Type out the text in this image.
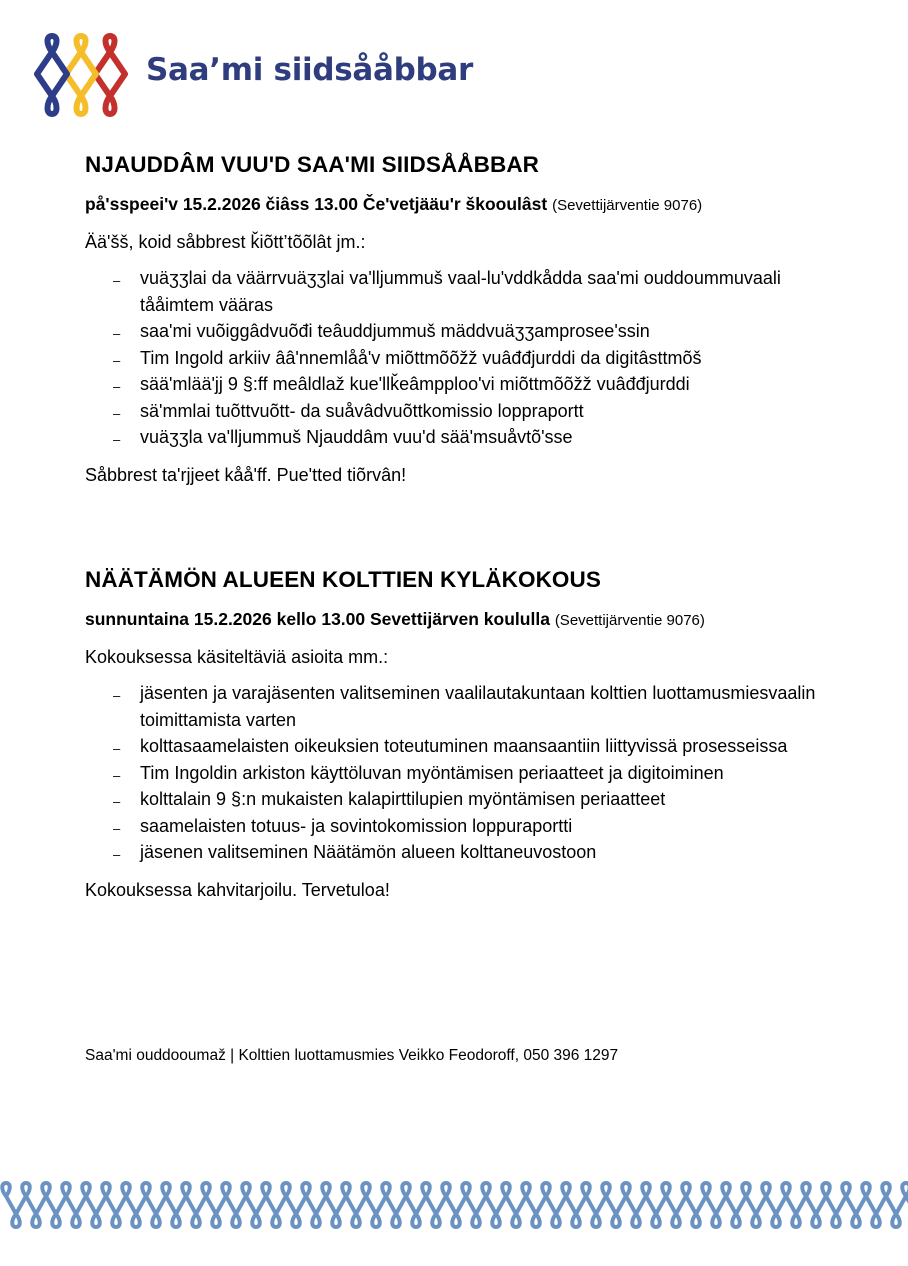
Saa’mi siidsååbbar
NJAUDDÂM VUU'D SAA'MI SIIDSÅÅBBAR

på'sspeei'v 15.2.2026 čiâss 13.00 Če'vetjääu'r škooulâst (Sevettijärventie 9076)

Ää'šš, koid såbbrest ǩiõtt’tõõlât jm.:

– vuäʒʒlai da väärrvuäʒʒlai va'lljummuš vaal-lu'vddkådda saa'mi ouddoummuvaali tååimtem vääras
– saa'mi vuõiggâdvuõđi teâuddjummuš mäddvuäʒʒamprosee'ssin
– Tim Ingold arkiiv ââ'nnemlåå'v miõttmõõžž vuâđđjurddi da digitâsttmõš
– sää'mlää'jj 9 §:ff meâldlaž kue'llǩeâmpploo'vi miõttmõõžž vuâđđjurddi
– sä'mmlai tuõttvuõtt- da suåvâdvuõttkomissio loppraportt
– vuäʒʒla va'lljummuš Njauddâm vuu'd sää'msuåvtõ'sse

Såbbrest ta'rjjeet kåå'ff. Pue'tted tiõrvân!

NÄÄTÄMÖN ALUEEN KOLTTIEN KYLÄKOKOUS

sunnuntaina 15.2.2026 kello 13.00 Sevettijärven koululla (Sevettijärventie 9076)

Kokouksessa käsiteltäviä asioita mm.:

– jäsenten ja varajäsenten valitseminen vaalilautakuntaan kolttien luottamusmiesvaalin toimittamista varten
– kolttasaamelaisten oikeuksien toteutuminen maansaantiin liittyvissä prosesseissa
– Tim Ingoldin arkiston käyttöluvan myöntämisen periaatteet ja digitoiminen
– kolttalain 9 §:n mukaisten kalapirttilupien myöntämisen periaatteet
– saamelaisten totuus- ja sovintokomission loppuraportti
– jäsenen valitseminen Näätämön alueen kolttaneuvostoon

Kokouksessa kahvitarjoilu. Tervetuloa!

Saa'mi ouddooumaž | Kolttien luottamusmies Veikko Feodoroff, 050 396 1297
